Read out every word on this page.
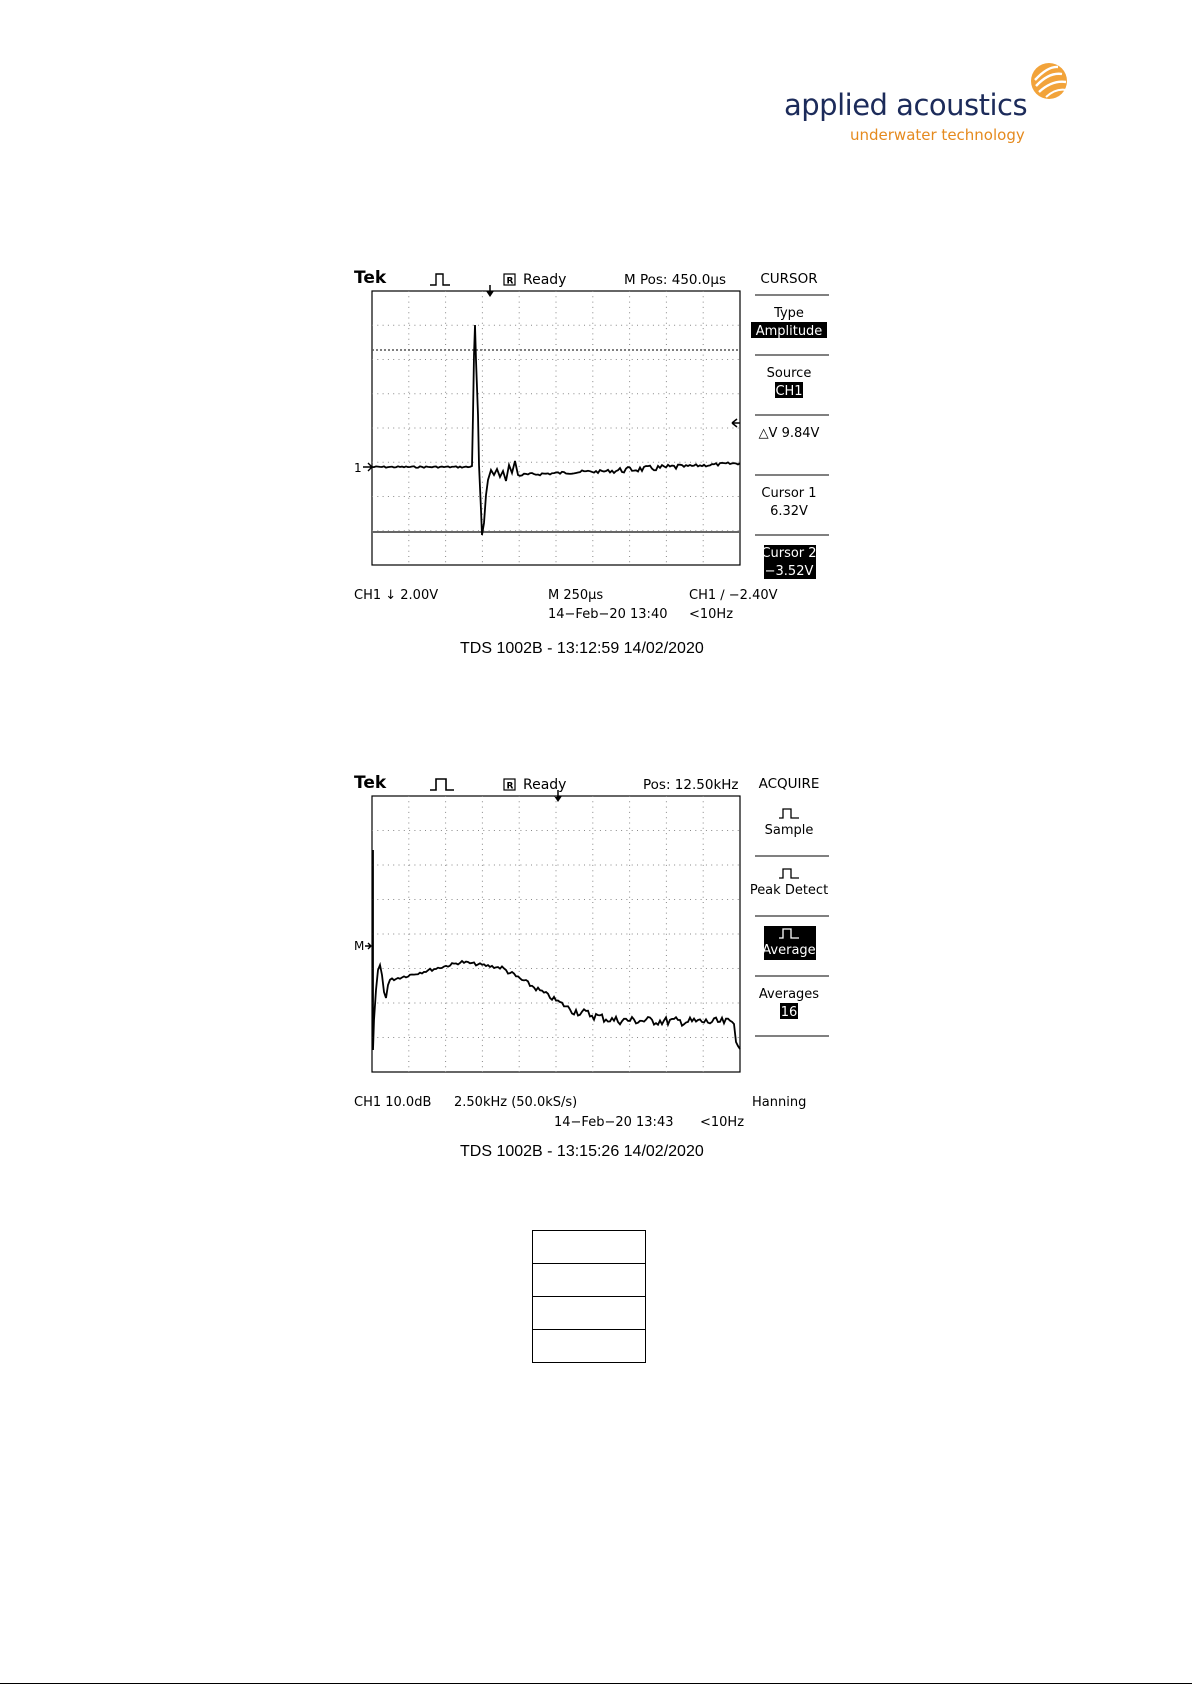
applied acoustics
underwater technology
Tek	R Ready	M Pos: 450.0µs
1
CH1 ↓ 2.00V	M 250µs	CH1 ∕ −2.40V
14−Feb−20 13:40 <10Hz
CURSOR
Type
Amplitude
Source
CH1
△V 9.84V
Cursor 1
6.32V
Cursor 2
−3.52V
TDS 1002B - 13:12:59 14/02/2020
Tek	R Ready	Pos: 12.50kHz
M
CH1 10.0dB 2.50kHz (50.0kS/s)	Hanning
14−Feb−20 13:43 <10Hz
ACQUIRE
Sample
Peak Detect
Average
Averages
16
TDS 1002B - 13:15:26 14/02/2020
